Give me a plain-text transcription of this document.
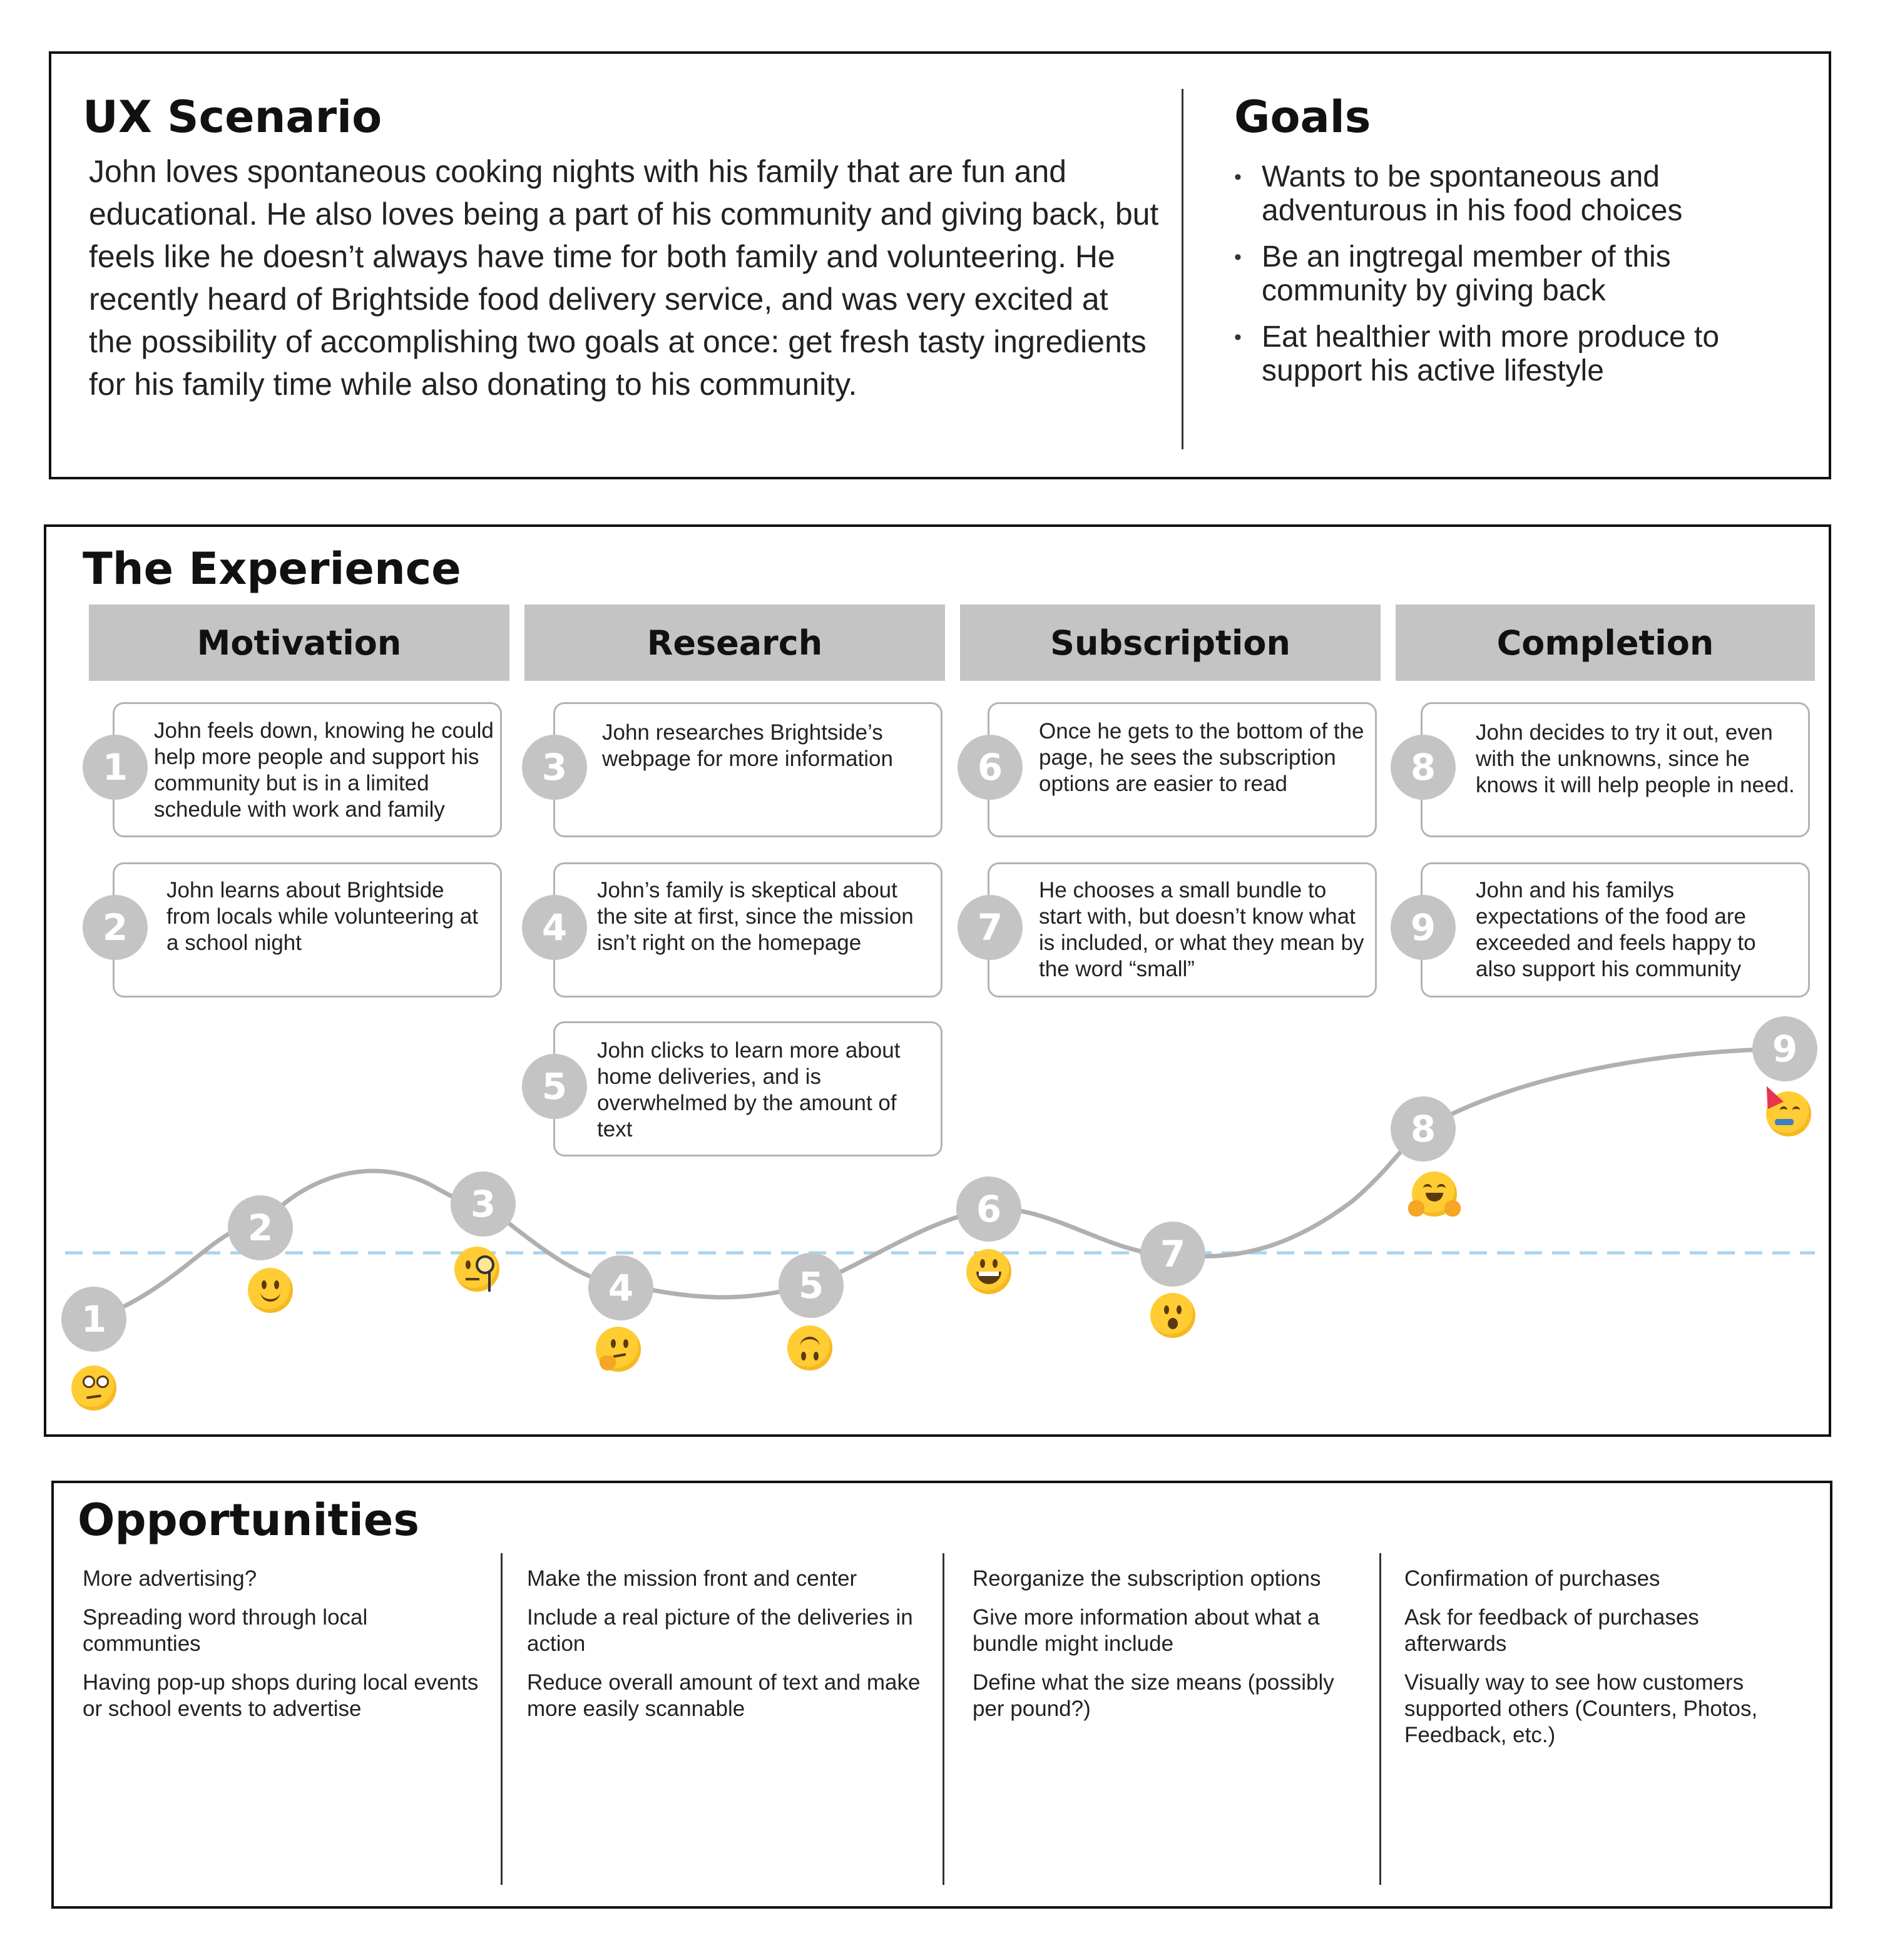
UX Scenario
John loves spontaneous cooking nights with his family that are fun and educational. He also loves being a part of his community and giving back, but feels like he doesn’t always have time for both family and volunteering. He recently heard of Brightside food delivery service, and was very excited at the possibility of accomplishing two goals at once: get fresh tasty ingredients for his family time while also donating to his community.
Goals
• Wants to be spontaneous and adventurous in his food choices
• Be an ingtregal member of this community by giving back
• Eat healthier with more produce to support his active lifestyle
The Experience
Motivation	Research	Subscription	Completion
John feels down, knowing he could help more people and support his community but is in a limited schedule with work and family
1
John learns about Brightside from locals while volunteering at a school night
2
John researches Brightside’s webpage for more information
3
John’s family is skeptical about the site at first, since the mission isn’t right on the homepage
4
John clicks to learn more about home deliveries, and is overwhelmed by the amount of text
5
Once he gets to the bottom of the page, he sees the subscription options are easier to read
6
He chooses a small bundle to start with, but doesn’t know what is included, or what they mean by the word “small”
7
John decides to try it out, even with the unknowns, since he knows it will help people in need.
8
John and his familys expectations of the food are exceeded and feels happy to also support his community
9
1
2
3
4	5
6
7
8
9
Opportunities
More advertising?
Spreading word through local communties
Having pop-up shops during local events or school events to advertise
Make the mission front and center
Include a real picture of the deliveries in action
Reduce overall amount of text and make more easily scannable
Reorganize the subscription options
Give more information about what a bundle might include
Define what the size means (possibly per pound?)
Confirmation of purchases
Ask for feedback of purchases afterwards
Visually way to see how customers supported others (Counters, Photos, Feedback, etc.)
